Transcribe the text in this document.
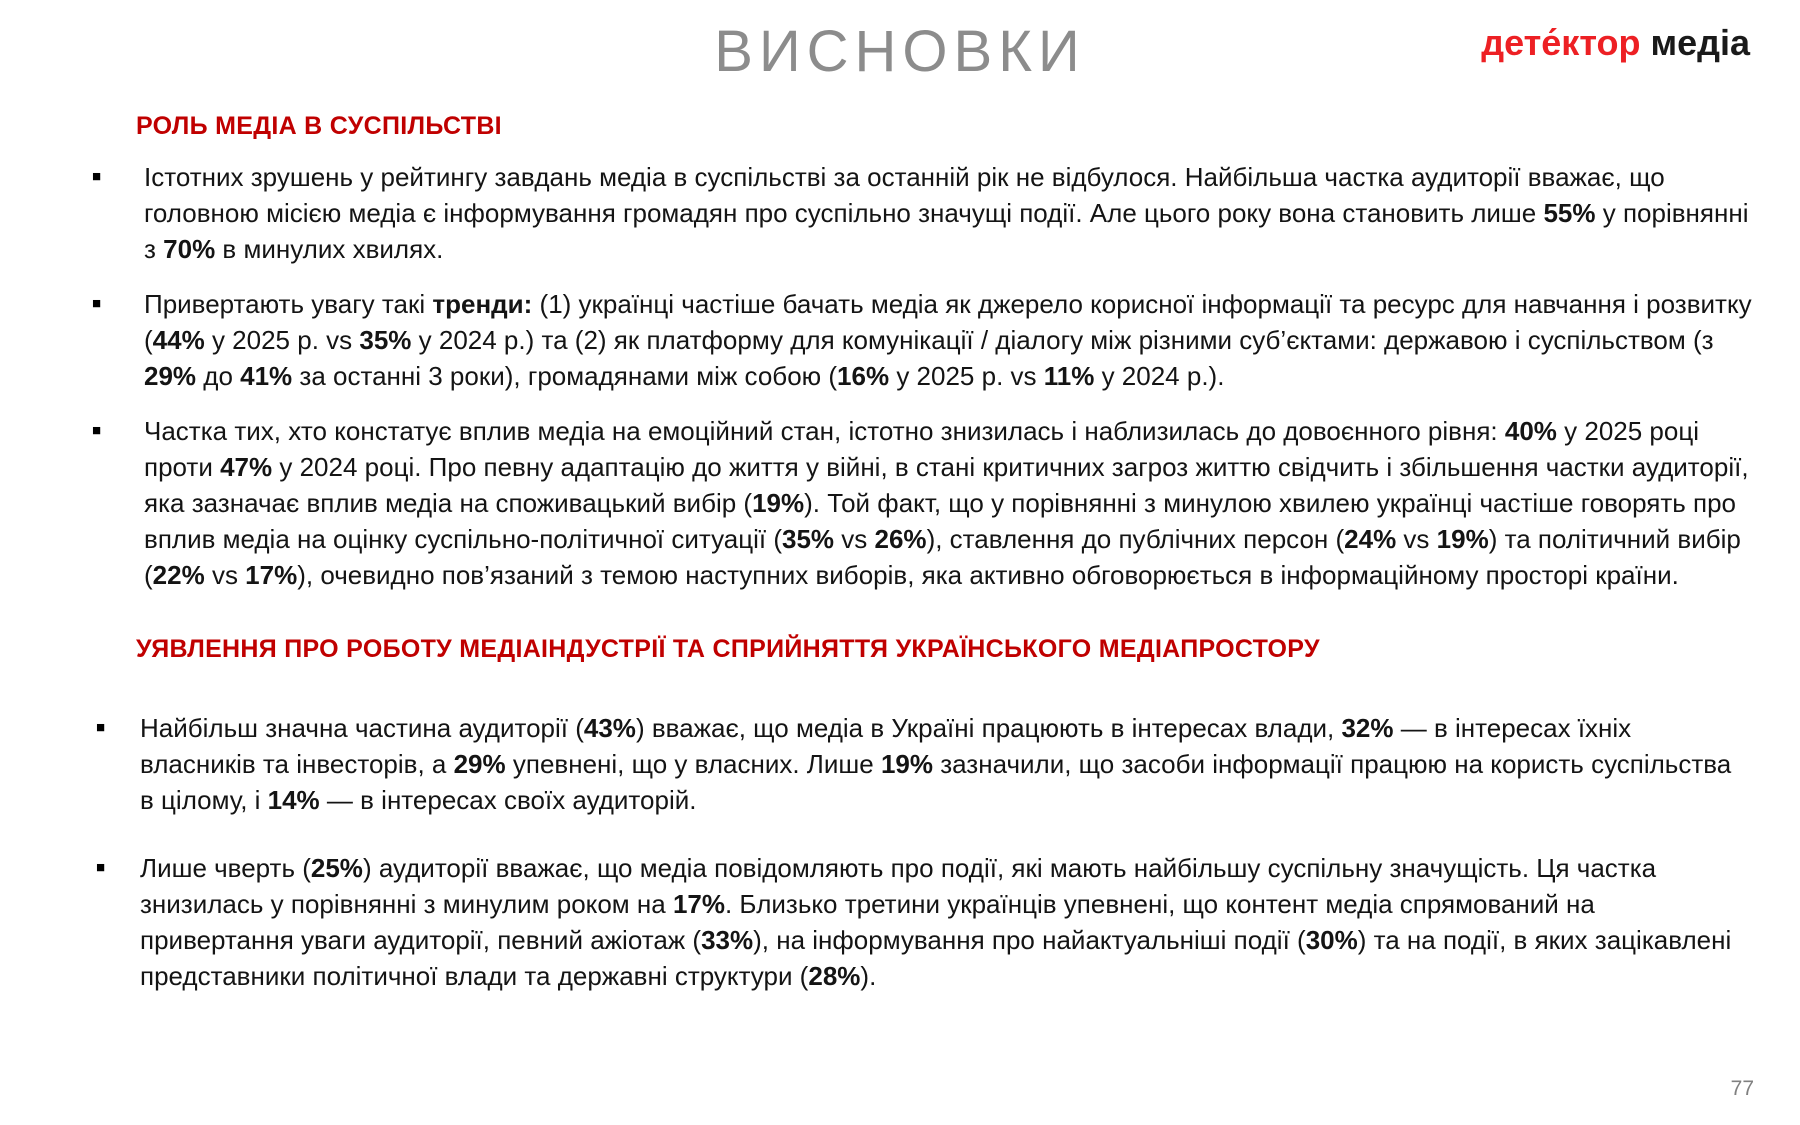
ВИСНОВКИ	дете́ктор медіа
РОЛЬ МЕДІА В СУСПІЛЬСТВІ
■	Істотних зрушень у рейтингу завдань медіа в суспільстві за останній рік не відбулося. Найбільша частка аудиторії вважає, що головною місією медіа є інформування громадян про суспільно значущі події. Але цього року вона становить лише 55% у порівнянні з 70% в минулих хвилях.
■	Привертають увагу такі тренди: (1) українці частіше бачать медіа як джерело корисної інформації та ресурс для навчання і розвитку (44% у 2025 р. vs 35% у 2024 р.) та (2) як платформу для комунікації / діалогу між різними суб’єктами: державою і суспільством (з 29% до 41% за останні 3 роки), громадянами між собою (16% у 2025 р. vs 11% у 2024 р.).
■	Частка тих, хто констатує вплив медіа на емоційний стан, істотно знизилась і наблизилась до довоєнного рівня: 40% у 2025 році проти 47% у 2024 році. Про певну адаптацію до життя у війні, в стані критичних загроз життю свідчить і збільшення частки аудиторії, яка зазначає вплив медіа на споживацький вибір (19%). Той факт, що у порівнянні з минулою хвилею українці частіше говорять про вплив медіа на оцінку суспільно-політичної ситуації (35% vs 26%), ставлення до публічних персон (24% vs 19%) та політичний вибір (22% vs 17%), очевидно пов’язаний з темою наступних виборів, яка активно обговорюється в інформаційному просторі країни.
УЯВЛЕННЯ ПРО РОБОТУ МЕДІАІНДУСТРІЇ ТА СПРИЙНЯТТЯ УКРАЇНСЬКОГО МЕДІАПРОСТОРУ
■	Найбільш значна частина аудиторії (43%) вважає, що медіа в Україні працюють в інтересах влади, 32% — в інтересах їхніх власників та інвесторів, а 29% упевнені, що у власних. Лише 19% зазначили, що засоби інформації працюю на користь суспільства в цілому, і 14% — в інтересах своїх аудиторій.
■	Лише чверть (25%) аудиторії вважає, що медіа повідомляють про події, які мають найбільшу суспільну значущість. Ця частка знизилась у порівнянні з минулим роком на 17%. Близько третини українців упевнені, що контент медіа спрямований на привертання уваги аудиторії, певний ажіотаж (33%), на інформування про найактуальніші події (30%) та на події, в яких зацікавлені представники політичної влади та державні структури (28%).
77
